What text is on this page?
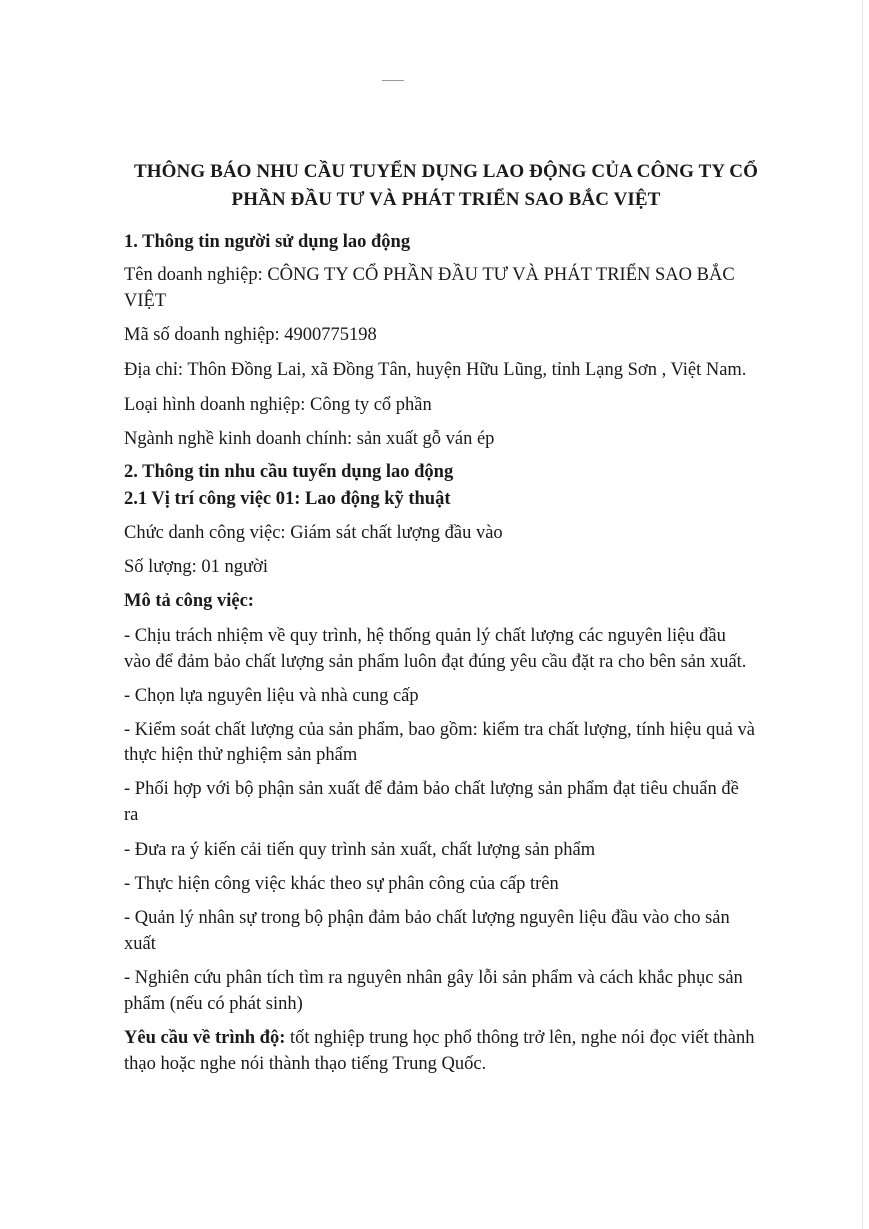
THÔNG BÁO NHU CẦU TUYỂN DỤNG LAO ĐỘNG CỦA CÔNG TY CỔ
PHẦN ĐẦU TƯ VÀ PHÁT TRIỂN SAO BẮC VIỆT
1. Thông tin người sử dụng lao động
Tên doanh nghiệp: CÔNG TY CỔ PHẦN ĐẦU TƯ VÀ PHÁT TRIỂN SAO BẮC
VIỆT
Mã số doanh nghiệp: 4900775198
Địa chỉ: Thôn Đồng Lai, xã Đồng Tân, huyện Hữu Lũng, tỉnh Lạng Sơn , Việt Nam.
Loại hình doanh nghiệp: Công ty cổ phần
Ngành nghề kinh doanh chính: sản xuất gỗ ván ép
2. Thông tin nhu cầu tuyển dụng lao động
2.1 Vị trí công việc 01: Lao động kỹ thuật
Chức danh công việc: Giám sát chất lượng đầu vào
Số lượng: 01 người
Mô tả công việc:
- Chịu trách nhiệm về quy trình, hệ thống quản lý chất lượng các nguyên liệu đầu
vào để đảm bảo chất lượng sản phẩm luôn đạt đúng yêu cầu đặt ra cho bên sản xuất.
- Chọn lựa nguyên liệu và nhà cung cấp
- Kiểm soát chất lượng của sản phẩm, bao gồm: kiểm tra chất lượng, tính hiệu quả và
thực hiện thử nghiệm sản phẩm
- Phối hợp với bộ phận sản xuất để đảm bảo chất lượng sản phẩm đạt tiêu chuẩn đề
ra
- Đưa ra ý kiến cải tiến quy trình sản xuất, chất lượng sản phẩm
- Thực hiện công việc khác theo sự phân công của cấp trên
- Quản lý nhân sự trong bộ phận đảm bảo chất lượng nguyên liệu đầu vào cho sản
xuất
- Nghiên cứu phân tích tìm ra nguyên nhân gây lỗi sản phẩm và cách khắc phục sản
phẩm (nếu có phát sinh)
Yêu cầu về trình độ: tốt nghiệp trung học phổ thông trở lên, nghe nói đọc viết thành
thạo hoặc nghe nói thành thạo tiếng Trung Quốc.
